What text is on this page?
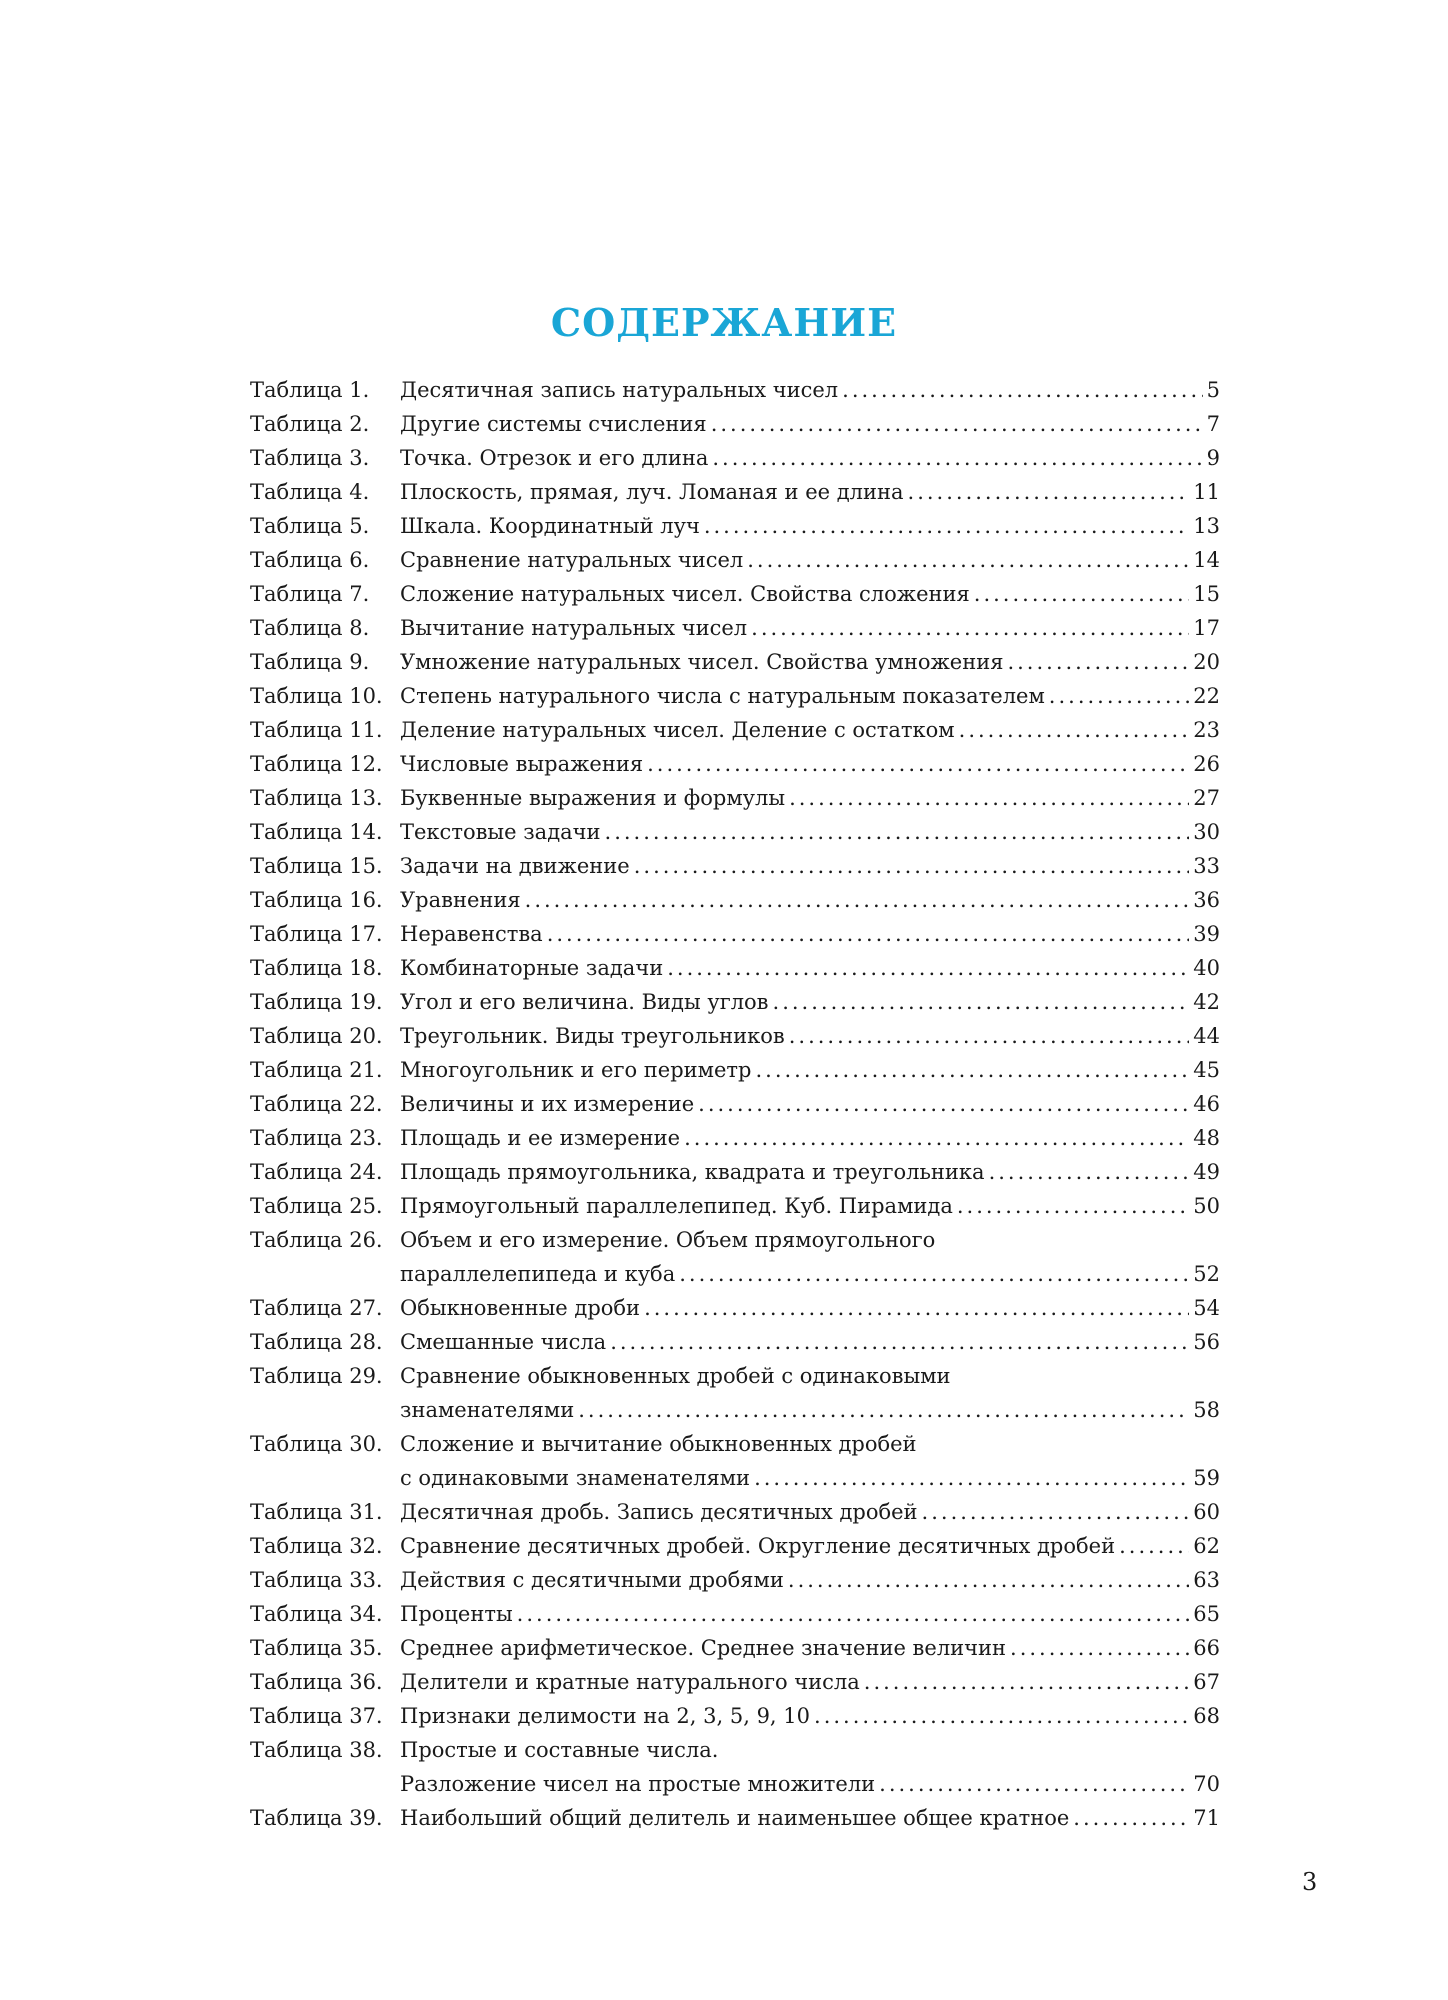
СОДЕРЖАНИЕ
Таблица 1.	Десятичная запись натуральных чисел .....	5
Таблица 2.	Другие системы счисления .....	7
Таблица 3.	Точка. Отрезок и его длина .....	9
Таблица 4.	Плоскость, прямая, луч. Ломаная и ее длина .....	11
Таблица 5.	Шкала. Координатный луч .....	13
Таблица 6.	Сравнение натуральных чисел .....	14
Таблица 7.	Сложение натуральных чисел. Свойства сложения .....	15
Таблица 8.	Вычитание натуральных чисел .....	17
Таблица 9.	Умножение натуральных чисел. Свойства умножения .....	20
Таблица 10. Степень натурального числа с натуральным показателем .....	22
Таблица 11. Деление натуральных чисел. Деление с остатком .....	23
Таблица 12. Числовые выражения .....	26
Таблица 13. Буквенные выражения и формулы .....	27
Таблица 14. Текстовые задачи .....	30
Таблица 15. Задачи на движение .....	33
Таблица 16. Уравнения .....	36
Таблица 17. Неравенства .....	39
Таблица 18. Комбинаторные задачи .....	40
Таблица 19. Угол и его величина. Виды углов .....	42
Таблица 20. Треугольник. Виды треугольников .....	44
Таблица 21. Многоугольник и его периметр .....	45
Таблица 22. Величины и их измерение .....	46
Таблица 23. Площадь и ее измерение .....	48
Таблица 24. Площадь прямоугольника, квадрата и треугольника .....	49
Таблица 25. Прямоугольный параллелепипед. Куб. Пирамида .....	50
Таблица 26. Объем и его измерение. Объем прямоугольного
параллелепипеда и куба .....	52
Таблица 27. Обыкновенные дроби .....	54
Таблица 28. Смешанные числа .....	56
Таблица 29. Сравнение обыкновенных дробей с одинаковыми
знаменателями .....	58
Таблица 30. Сложение и вычитание обыкновенных дробей
с одинаковыми знаменателями .....	59
Таблица 31. Десятичная дробь. Запись десятичных дробей .....	60
Таблица 32. Сравнение десятичных дробей. Округление десятичных дробей .....	62
Таблица 33. Действия с десятичными дробями .....	63
Таблица 34. Проценты .....	65
Таблица 35. Среднее арифметическое. Среднее значение величин .....	66
Таблица 36. Делители и кратные натурального числа .....	67
Таблица 37. Признаки делимости на 2, 3, 5, 9, 10 .....	68
Таблица 38. Простые и составные числа.
Разложение чисел на простые множители .....	70
Таблица 39. Наибольший общий делитель и наименьшее общее кратное .....	71
3
